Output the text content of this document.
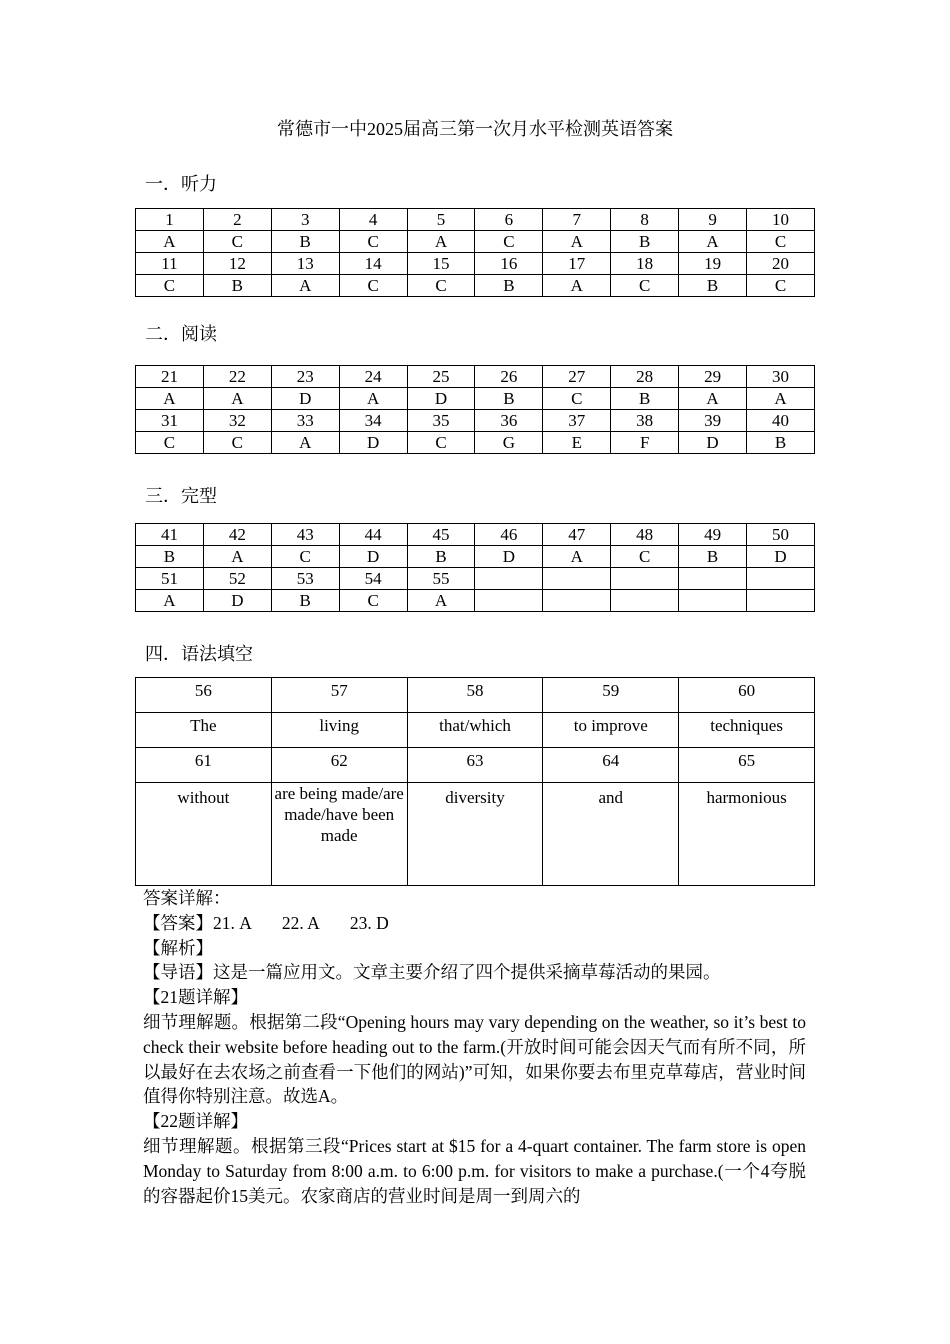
常德市一中2025届高三第一次月水平检测英语答案
一．听力
1	2	3	4	5	6	7	8	9	10
A	C	B	C	A	C	A	B	A	C
11	12	13	14	15	16	17	18	19	20
C	B	A	C	C	B	A	C	B	C
二．阅读
21	22	23	24	25	26	27	28	29	30
A	A	D	A	D	B	C	B	A	A
31	32	33	34	35	36	37	38	39	40
C	C	A	D	C	G	E	F	D	B
三．完型
41	42	43	44	45	46	47	48	49	50
B	A	C	D	B	D	A	C	B	D
51	52	53	54	55					
A	D	B	C	A					
四．语法填空
56	57	58	59	60
The	living	that/which	to improve	techniques
61	62	63	64	65
without	are being made/are made/have been made	diversity	and	harmonious

答案详解：

【答案】21. A 22. A 23. D

【解析】

【导语】这是一篇应用文。文章主要介绍了四个提供采摘草莓活动的果园。

【21题详解】

细节理解题。根据第二段“Opening hours may vary depending on the weather, so it’s best to check their website before heading out to the farm.(开放时间可能会因天气而有所不同，所以最好在去农场之前查看一下他们的网站)”可知，如果你要去布里克草莓店，营业时间值得你特别注意。故选A。

【22题详解】

细节理解题。根据第三段“Prices start at $15 for a 4-quart container. The farm store is open Monday to Saturday from 8:00 a.m. to 6:00 p.m. for visitors to make a purchase.(一个4夸脱的容器起价15美元。农家商店的营业时间是周一到周六的
